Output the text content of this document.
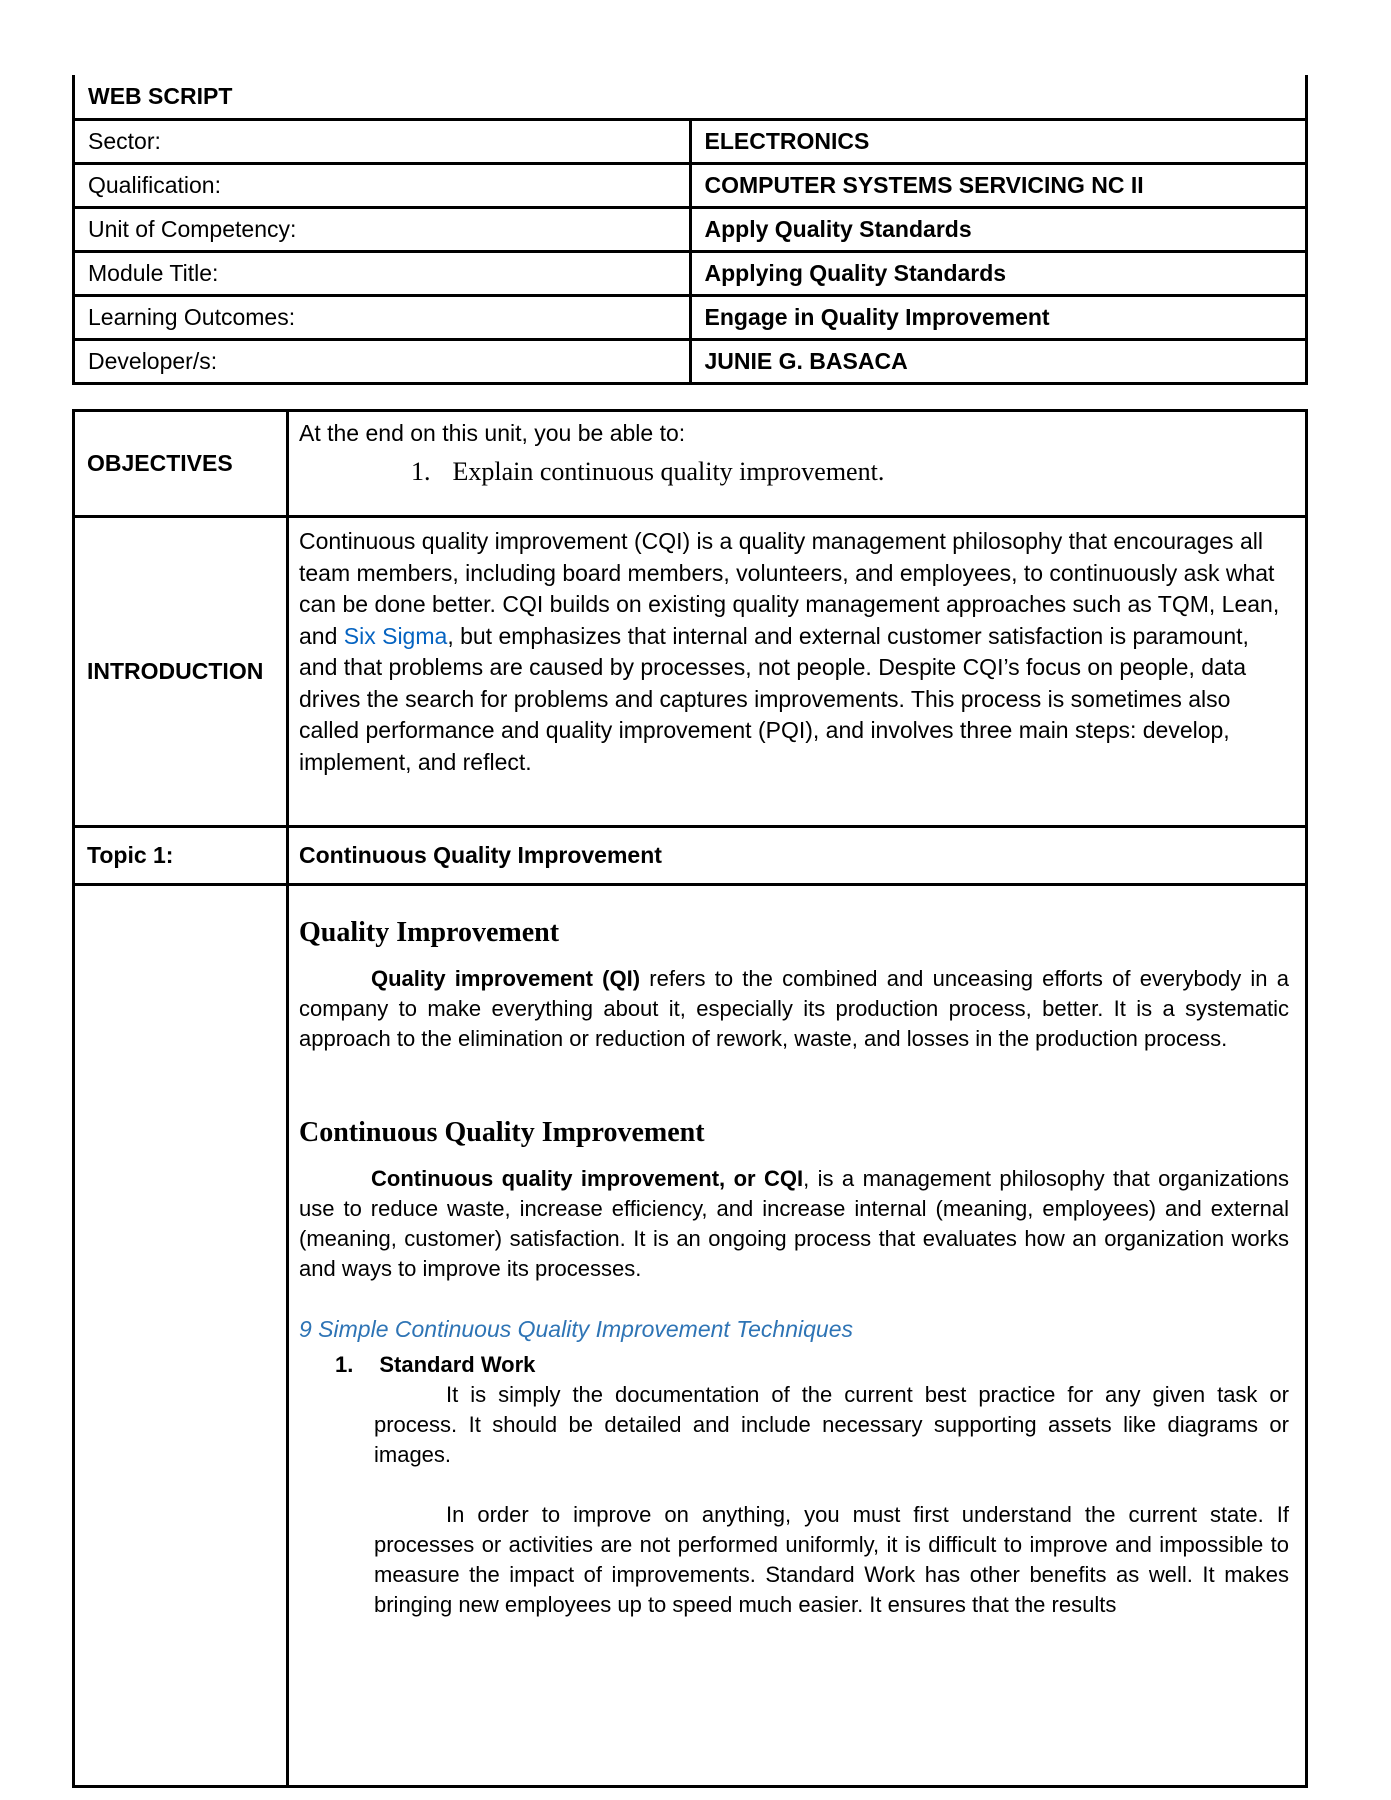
WEB SCRIPT	
Sector:	ELECTRONICS
Qualification:	COMPUTER SYSTEMS SERVICING NC II
Unit of Competency:	Apply Quality Standards
Module Title:	Applying Quality Standards
Learning Outcomes:	Engage in Quality Improvement
Developer/s:	JUNIE G. BASACA
OBJECTIVES	At the end on this unit, you be able to:

1. Explain continuous quality improvement.

INTRODUCTION	Continuous quality improvement (CQI) is a quality management philosophy that encourages all team members, including board members, volunteers, and employees, to continuously ask what can be done better. CQI builds on existing quality management approaches such as TQM, Lean, and Six Sigma, but emphasizes that internal and external customer satisfaction is paramount, and that problems are caused by processes, not people. Despite CQI’s focus on people, data drives the search for problems and captures improvements. This process is sometimes also called performance and quality improvement (PQI), and involves three main steps: develop, implement, and reflect.

Topic 1:	Continuous Quality Improvement

Quality Improvement

Quality improvement (QI) refers to the combined and unceasing efforts of everybody in a company to make everything about it, especially its production process, better. It is a systematic approach to the elimination or reduction of rework, waste, and losses in the production process.

Continuous Quality Improvement

Continuous quality improvement, or CQI, is a management philosophy that organizations use to reduce waste, increase efficiency, and increase internal (meaning, employees) and external (meaning, customer) satisfaction. It is an ongoing process that evaluates how an organization works and ways to improve its processes.

9 Simple Continuous Quality Improvement Techniques
1. Standard Work

It is simply the documentation of the current best practice for any given task or process. It should be detailed and include necessary supporting assets like diagrams or images.

In order to improve on anything, you must first understand the current state. If processes or activities are not performed uniformly, it is difficult to improve and impossible to measure the impact of improvements. Standard Work has other benefits as well. It makes bringing new employees up to speed much easier. It ensures that the results
